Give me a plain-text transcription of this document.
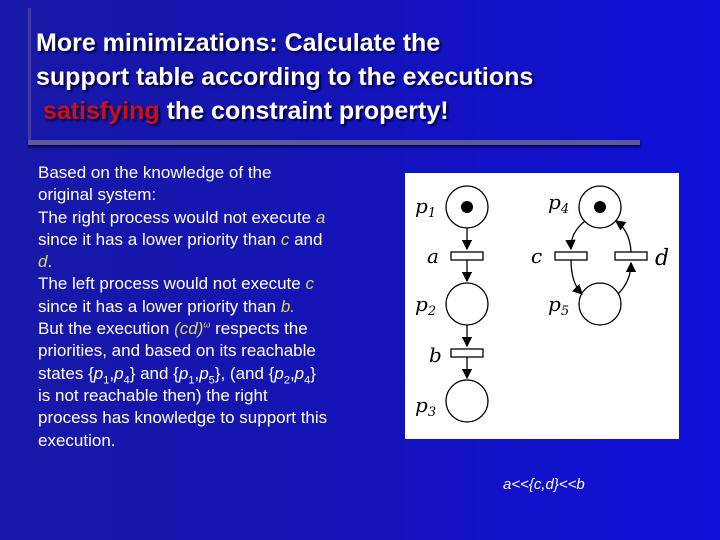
More minimizations: Calculate the
support table according to the executions
satisfying the constraint property!
Based on the knowledge of the
original system:
The right process would not execute a
since it has a lower priority than c and
d.
The left process would not execute c
since it has a lower priority than b.
But the execution (cd)$^\omega$ respects the
priorities, and based on its reachable
states $\{p_1,p_4\}$ and $\{p_1,p_5\}$, (and $\{p_2,p_4\}$
is not reachable then) the right
process has knowledge to support this
execution.
$p_1$
$p_2$
$p_3$
$p_4$
$p_5$
a
b
c	d
a<<{c,d}<<b
